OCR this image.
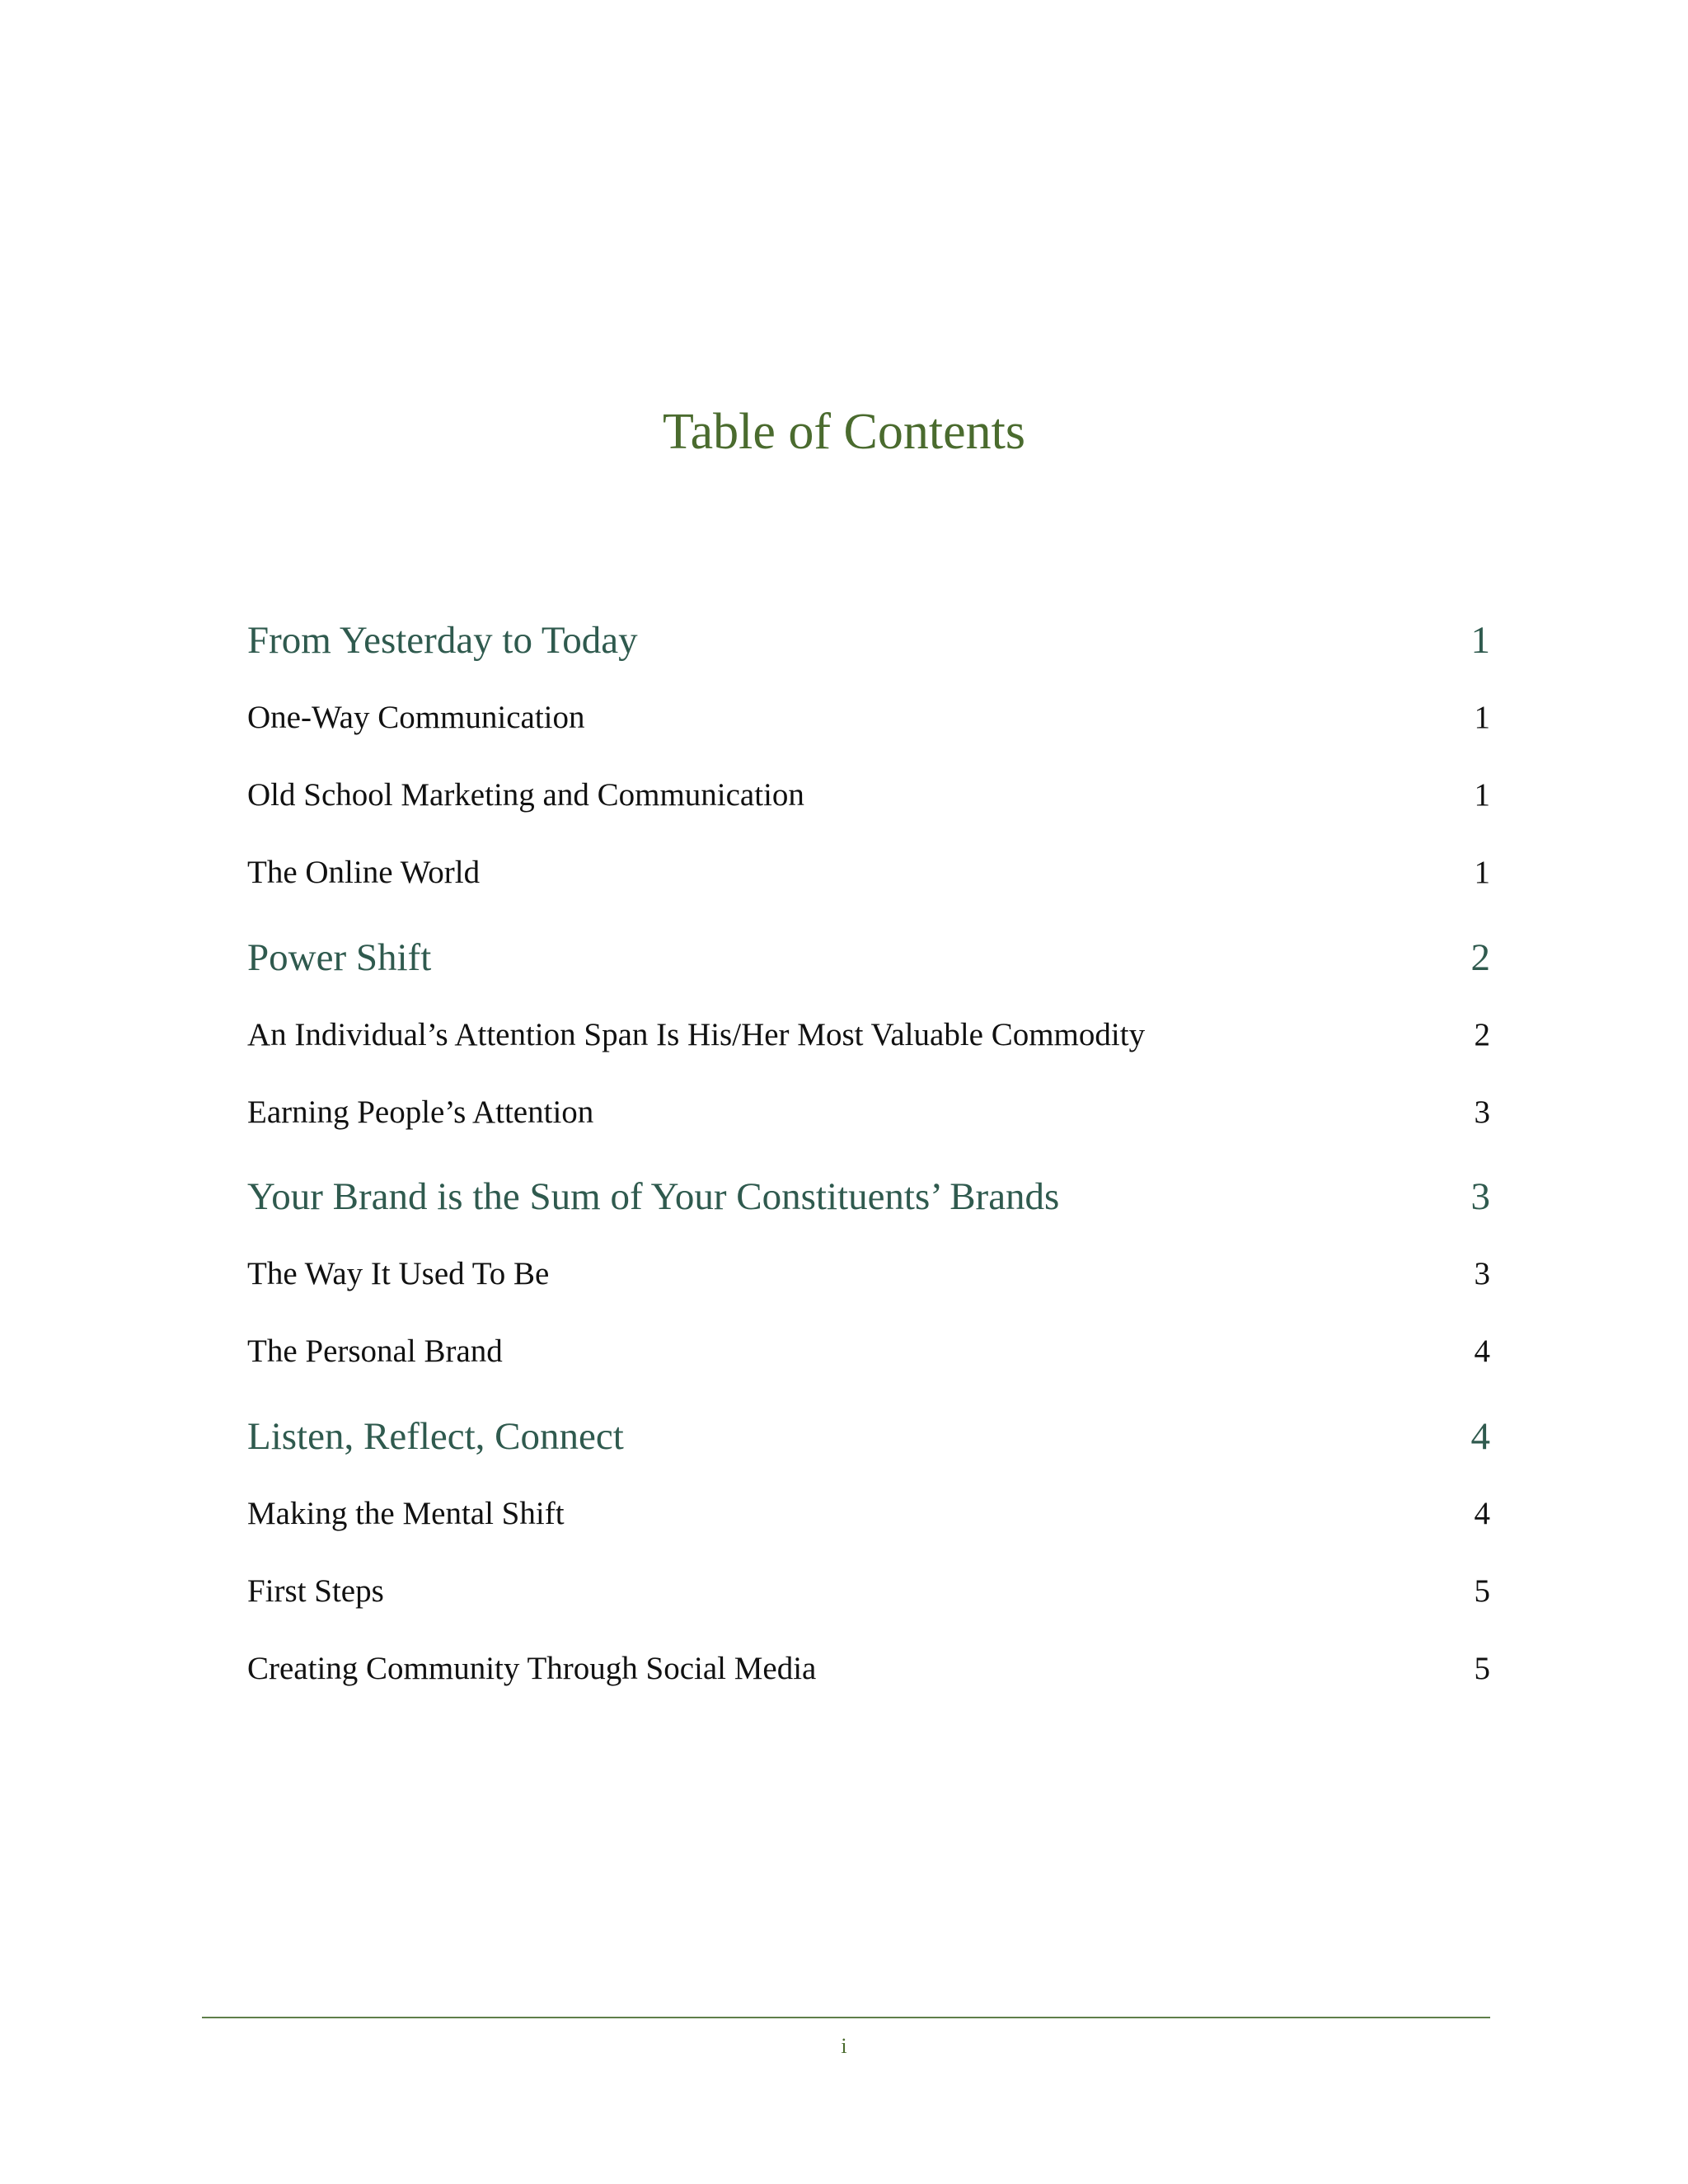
Table of Contents
From Yesterday to Today	1
One-Way Communication	1
Old School Marketing and Communication	1
The Online World	1
Power Shift	2
An Individual’s Attention Span Is His/Her Most Valuable Commodity	2
Earning People’s Attention	3
Your Brand is the Sum of Your Constituents’ Brands	3
The Way It Used To Be	3
The Personal Brand	4
Listen, Reflect, Connect	4
Making the Mental Shift	4
First Steps	5
Creating Community Through Social Media	5
i
